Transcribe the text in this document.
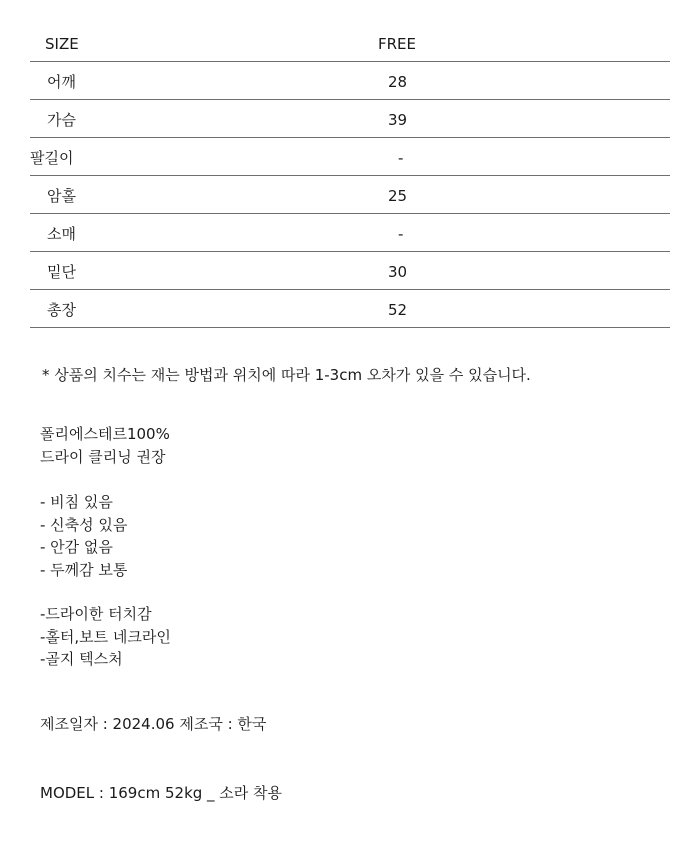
SIZE	FREE
어깨	28
가슴	39
팔길이	-
암홀	25
소매	-
밑단	30
총장	52
* 상품의 치수는 재는 방법과 위치에 따라 1-3cm 오차가 있을 수 있습니다.
폴리에스테르100%
드라이 클리닝 권장
- 비침 있음
- 신축성 있음
- 안감 없음
- 두께감 보통
-드라이한 터치감
-홀터,보트 네크라인
-골지 텍스처
제조일자 : 2024.06 제조국 : 한국
MODEL : 169cm 52kg _ 소라 착용
